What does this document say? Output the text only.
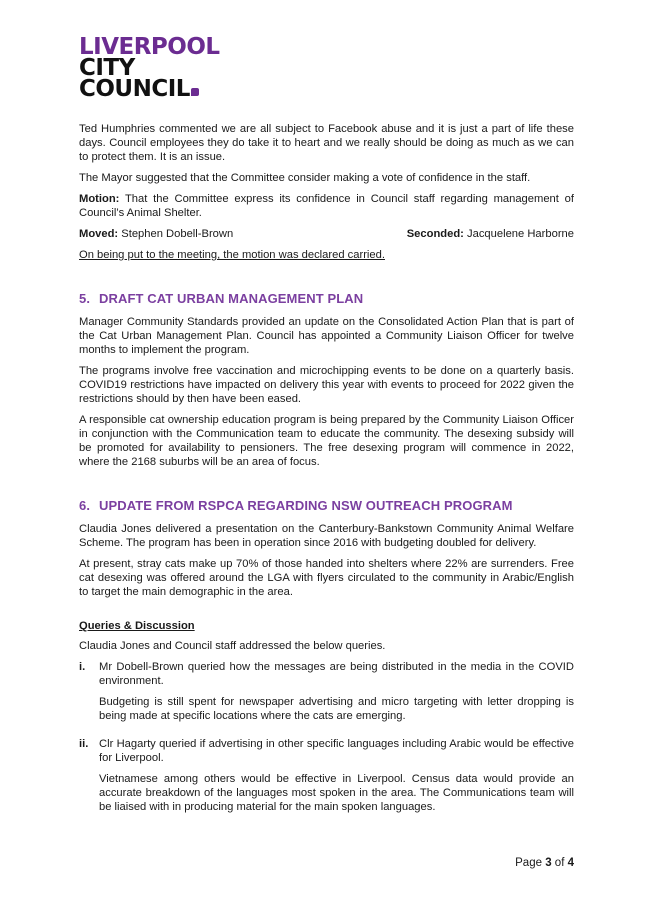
LIVERPOOL
CITY
COUNCIL

Ted Humphries commented we are all subject to Facebook abuse and it is just a part of life these days. Council employees they do take it to heart and we really should be doing as much as we can to protect them. It is an issue.

The Mayor suggested that the Committee consider making a vote of confidence in the staff.

Motion: That the Committee express its confidence in Council staff regarding management of Council’s Animal Shelter.

Moved: Stephen Dobell-Brown	Seconded: Jacquelene Harborne

On being put to the meeting, the motion was declared carried.

5. DRAFT CAT URBAN MANAGEMENT PLAN

Manager Community Standards provided an update on the Consolidated Action Plan that is part of the Cat Urban Management Plan. Council has appointed a Community Liaison Officer for twelve months to implement the program.

The programs involve free vaccination and microchipping events to be done on a quarterly basis. COVID19 restrictions have impacted on delivery this year with events to proceed for 2022 given the restrictions should by then have been eased.

A responsible cat ownership education program is being prepared by the Community Liaison Officer in conjunction with the Communication team to educate the community. The desexing subsidy will be promoted for availability to pensioners. The free desexing program will commence in 2022, where the 2168 suburbs will be an area of focus.

6. UPDATE FROM RSPCA REGARDING NSW OUTREACH PROGRAM

Claudia Jones delivered a presentation on the Canterbury-Bankstown Community Animal Welfare Scheme. The program has been in operation since 2016 with budgeting doubled for delivery.

At present, stray cats make up 70% of those handed into shelters where 22% are surrenders. Free cat desexing was offered around the LGA with flyers circulated to the community in Arabic/English to target the main demographic in the area.

Queries & Discussion

Claudia Jones and Council staff addressed the below queries.

i.	Mr Dobell-Brown queried how the messages are being distributed in the media in the COVID environment.

Budgeting is still spent for newspaper advertising and micro targeting with letter dropping is being made at specific locations where the cats are emerging.

ii. Clr Hagarty queried if advertising in other specific languages including Arabic would be effective for Liverpool.

Vietnamese among others would be effective in Liverpool. Census data would provide an accurate breakdown of the languages most spoken in the area. The Communications team will be liaised with in producing material for the main spoken languages.

Page 3 of 4
